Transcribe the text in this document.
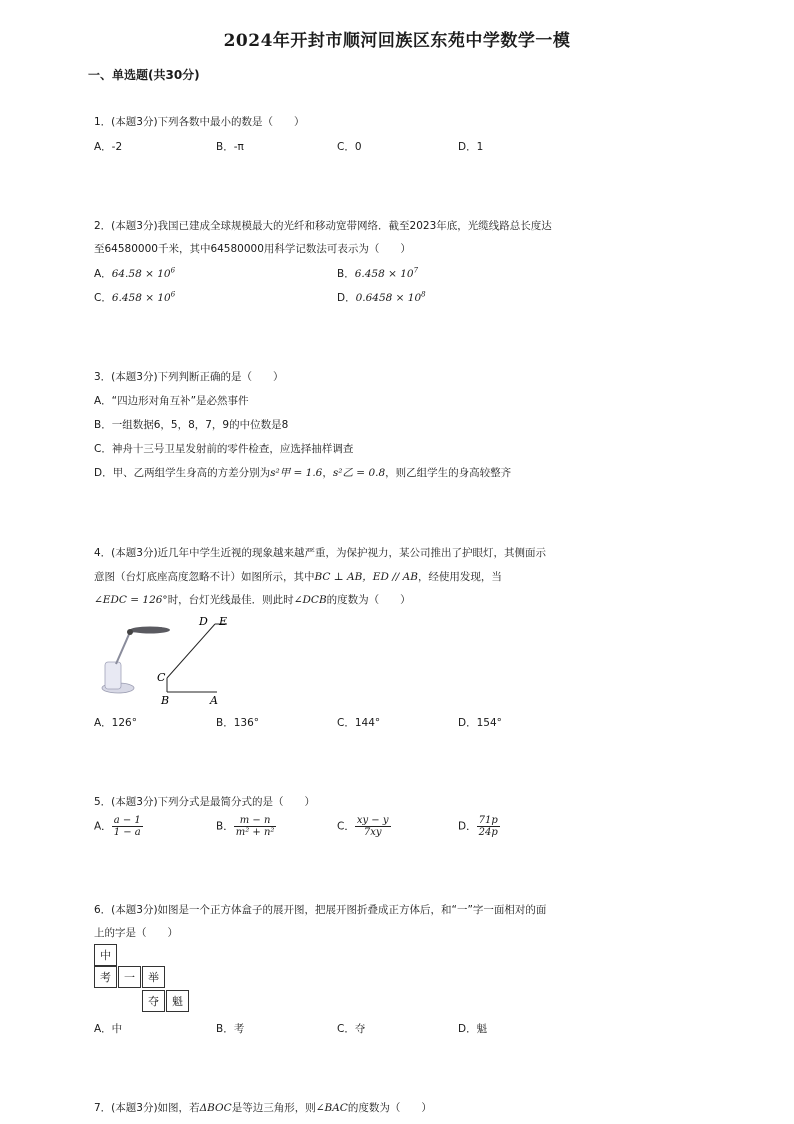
2024年开封市顺河回族区东苑中学数学一模
一、单选题(共30分)
1．(本题3分)下列各数中最小的数是（　　）
A．-2	B．-π	C．0	D．1
2．(本题3分)我国已建成全球规模最大的光纤和移动宽带网络．截至2023年底，光缆线路总长度达
至64580000千米，其中64580000用科学记数法可表示为（　　）
A．$64.58 \times 10^6$	B．$6.458 \times 10^7$
C．$6.458 \times 10^6$	D．$0.6458 \times 10^8$
3．(本题3分)下列判断正确的是（　　）
A．“四边形对角互补”是必然事件
B．一组数据6，5，8，7，9的中位数是8
C．神舟十三号卫星发射前的零件检查，应选择抽样调查
D．甲、乙两组学生身高的方差分别为s²甲 = 1.6，s²乙 = 0.8，则乙组学生的身高较整齐
4．(本题3分)近几年中学生近视的现象越来越严重，为保护视力，某公司推出了护眼灯，其侧面示
意图（台灯底座高度忽略不计）如图所示，其中BC ⊥ AB，ED // AB，经使用发现，当
∠EDC = 126°时，台灯光线最佳．则此时∠DCB的度数为（　　）
D E
C
B	A
A．126°	B．136°	C．144°	D．154°
5．(本题3分)下列分式是最简分式的是（　　）
A． $\frac{a - 1}{1 - a}$	B． $\frac{m - n}{\text{m² + n²}}$	C． $\frac{xy - y}{7xy}$	D． $\frac{71p}{24p}$
6．(本题3分)如图是一个正方体盒子的展开图，把展开图折叠成正方体后，和“一”字一面相对的面
上的字是（　　）
中
考	一	举
夺	魁
A．中	B．考	C．夺	D．魁
7．(本题3分)如图，若ΔBOC是等边三角形，则∠BAC的度数为（　　）
